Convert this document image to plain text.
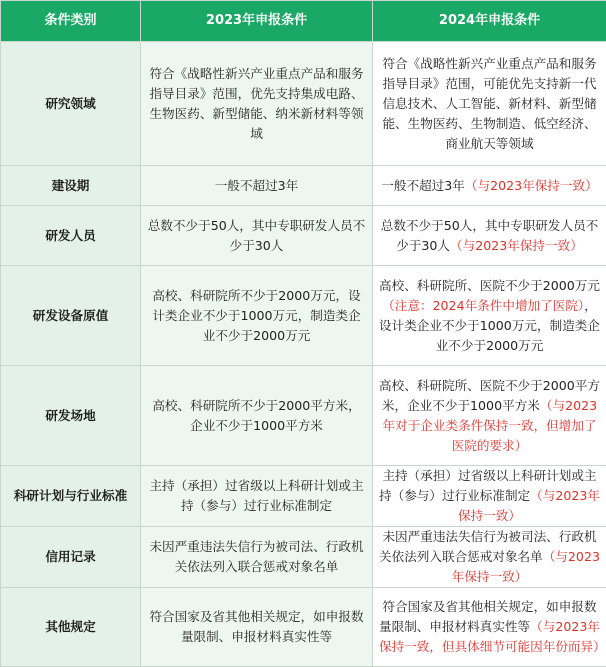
条件类别	2023年申报条件	2024年申报条件
研究领域	符合《战略性新兴产业重点产品和服务指导目录》范围，优先支持集成电路、生物医药、新型储能、纳米新材料等领域	符合《战略性新兴产业重点产品和服务指导目录》范围，可能优先支持新一代信息技术、人工智能、新材料、新型储能、生物医药、生物制造、低空经济、商业航天等领域
建设期	一般不超过3年	一般不超过3年（与2023年保持一致）
研发人员	总数不少于50人，其中专职研发人员不少于30人	总数不少于50人，其中专职研发人员不少于30人（与2023年保持一致）
研发设备原值	高校、科研院所不少于2000万元，设计类企业不少于1000万元，制造类企业不少于2000万元	高校、科研院所、医院不少于2000万元（注意：2024年条件中增加了医院），设计类企业不少于1000万元，制造类企业不少于2000万元
研发场地	高校、科研院所不少于2000平方米，企业不少于1000平方米	高校、科研院所、医院不少于2000平方米，企业不少于1000平方米（与2023年对于企业类条件保持一致，但增加了医院的要求）
科研计划与行业标准	主持（承担）过省级以上科研计划或主持（参与）过行业标准制定	主持（承担）过省级以上科研计划或主持（参与）过行业标准制定（与2023年保持一致）
信用记录	未因严重违法失信行为被司法、行政机关依法列入联合惩戒对象名单	未因严重违法失信行为被司法、行政机关依法列入联合惩戒对象名单（与2023年保持一致）
其他规定	符合国家及省其他相关规定，如申报数量限制、申报材料真实性等	符合国家及省其他相关规定，如申报数量限制、申报材料真实性等（与2023年保持一致，但具体细节可能因年份而异）
